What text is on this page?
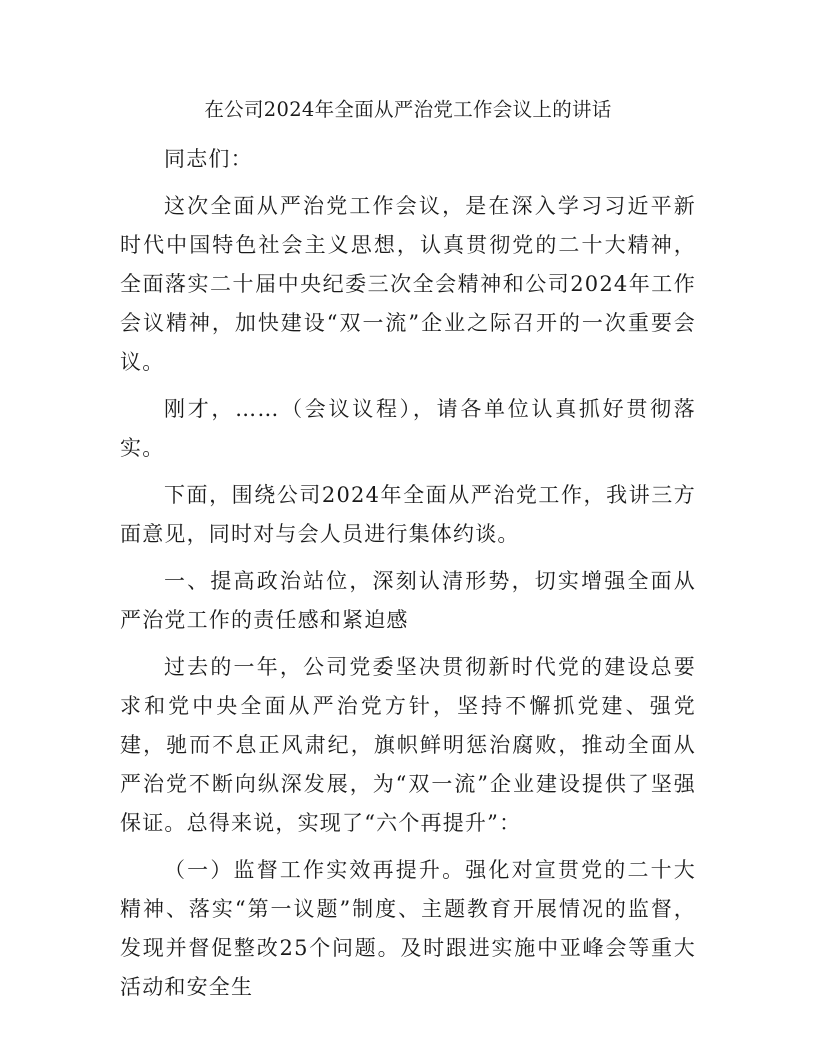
在公司2024年全面从严治党工作会议上的讲话

同志们：

这次全面从严治党工作会议，是在深入学习习近平新时代中国特色社会主义思想，认真贯彻党的二十大精神，全面落实二十届中央纪委三次全会精神和公司2024年工作会议精神，加快建设“双一流”企业之际召开的一次重要会议。

刚才，……（会议议程），请各单位认真抓好贯彻落实。

下面，围绕公司2024年全面从严治党工作，我讲三方面意见，同时对与会人员进行集体约谈。

一、提高政治站位，深刻认清形势，切实增强全面从严治党工作的责任感和紧迫感

过去的一年，公司党委坚决贯彻新时代党的建设总要求和党中央全面从严治党方针，坚持不懈抓党建、强党建，驰而不息正风肃纪，旗帜鲜明惩治腐败，推动全面从严治党不断向纵深发展，为“双一流”企业建设提供了坚强保证。总得来说，实现了“六个再提升”：

（一）监督工作实效再提升。强化对宣贯党的二十大精神、落实“第一议题”制度、主题教育开展情况的监督，发现并督促整改25个问题。及时跟进实施中亚峰会等重大活动和安全生
